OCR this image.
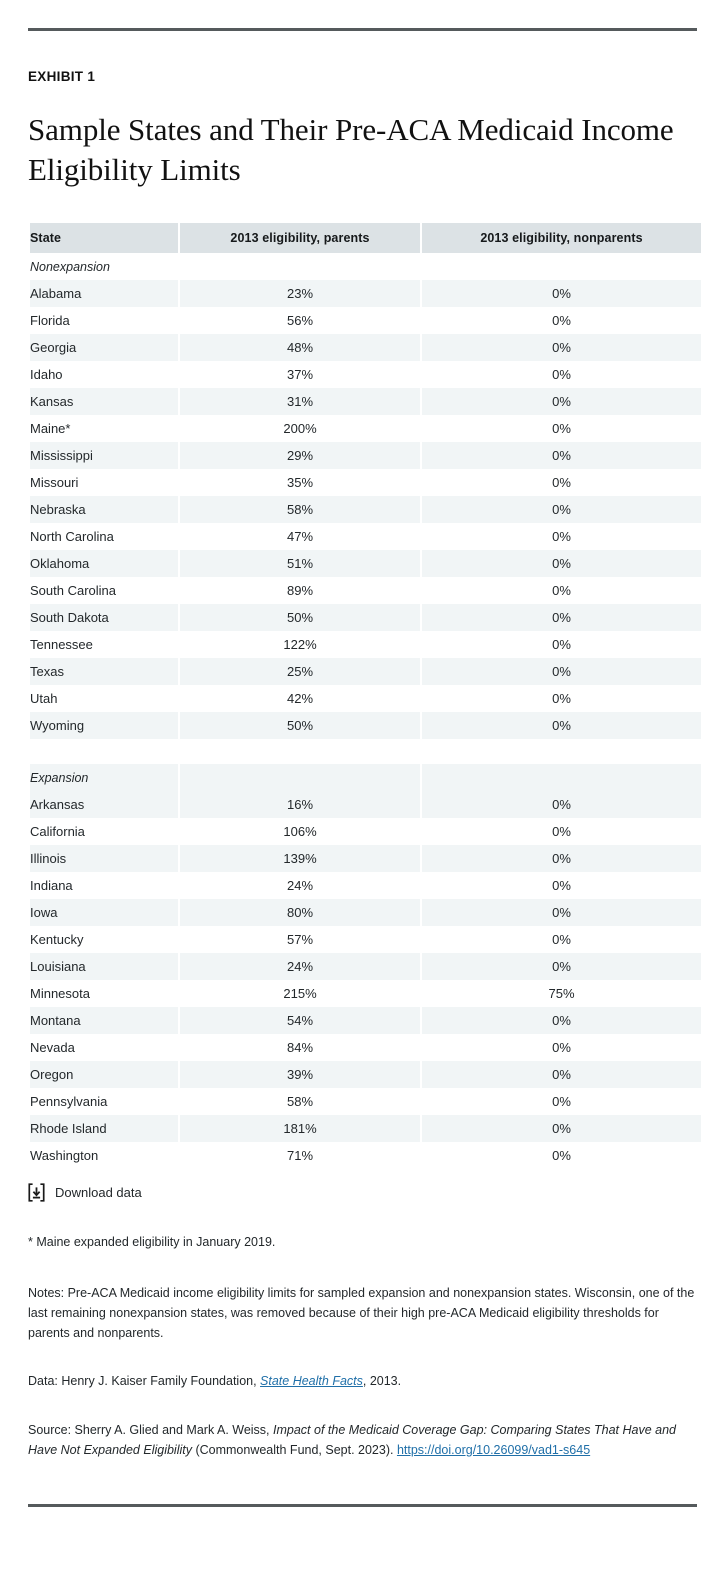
EXHIBIT 1
Sample States and Their Pre-ACA Medicaid Income Eligibility Limits
State	2013 eligibility, parents	2013 eligibility, nonparents
Nonexpansion		
Alabama	23%	0%
Florida	56%	0%
Georgia	48%	0%
Idaho	37%	0%
Kansas	31%	0%
Maine*	200%	0%
Mississippi	29%	0%
Missouri	35%	0%
Nebraska	58%	0%
North Carolina	47%	0%
Oklahoma	51%	0%
South Carolina	89%	0%
South Dakota	50%	0%
Tennessee	122%	0%
Texas	25%	0%
Utah	42%	0%
Wyoming	50%	0%

Expansion		
Arkansas	16%	0%
California	106%	0%
Illinois	139%	0%
Indiana	24%	0%
Iowa	80%	0%
Kentucky	57%	0%
Louisiana	24%	0%
Minnesota	215%	75%
Montana	54%	0%
Nevada	84%	0%
Oregon	39%	0%
Pennsylvania	58%	0%
Rhode Island	181%	0%
Washington	71%	0%
Download data
* Maine expanded eligibility in January 2019.
Notes: Pre-ACA Medicaid income eligibility limits for sampled expansion and nonexpansion states. Wisconsin, one of the last remaining nonexpansion states, was removed because of their high pre-ACA Medicaid eligibility thresholds for parents and nonparents.
Data: Henry J. Kaiser Family Foundation, State Health Facts, 2013.
Source: Sherry A. Glied and Mark A. Weiss, Impact of the Medicaid Coverage Gap: Comparing States That Have and Have Not Expanded Eligibility (Commonwealth Fund, Sept. 2023). https://doi.org/10.26099/vad1-s645
